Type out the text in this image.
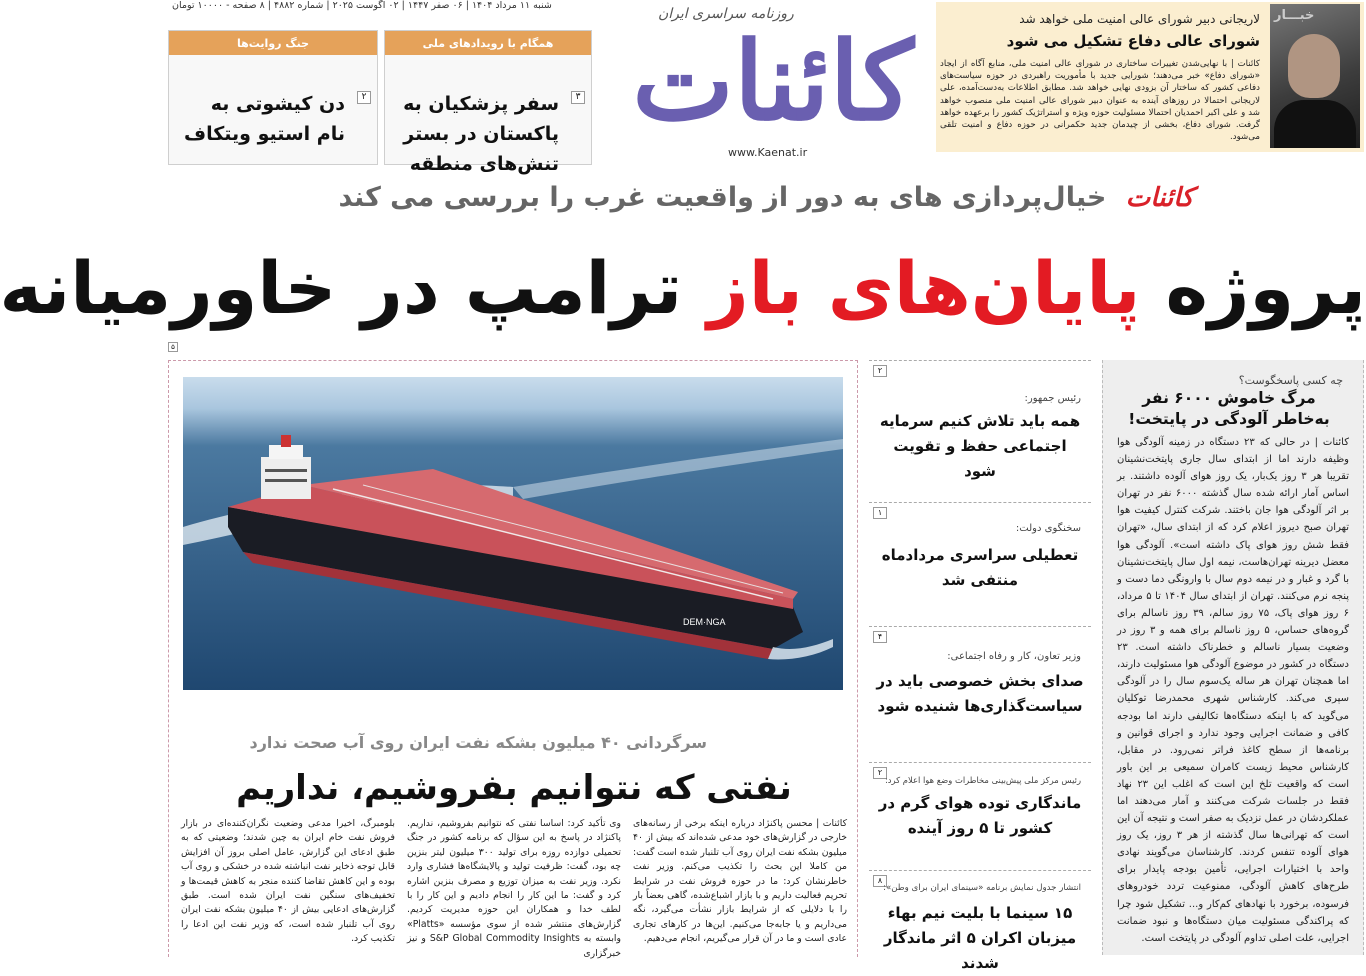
شنبه ۱۱ مرداد ۱۴۰۴ | ۰۶ صفر ۱۴۴۷ | ۰۲ آگوست ۲۰۲۵ | شماره ۴۸۸۲ | ۸ صفحه - ۱۰۰۰۰ تومان
جنگ روایت‌ها
۲
دن کیشوتی به نام استیو ویتکاف
همگام با رویدادهای ملی
۳
سفر پزشکیان به پاکستان در بستر تنش‌های منطقه
روزنامه سراسری ایران
کائنات
www.Kaenat.ir
خبـــار
لاریجانی دبیر شورای عالی امنیت ملی خواهد شد
شورای عالی دفاع تشکیل می شود
کائنات | با نهایی‌شدن تغییرات ساختاری در شورای عالی امنیت ملی، منابع آگاه از ایجاد «شورای دفاع» خبر می‌دهند؛ شورایی جدید با مأموریت راهبردی در حوزه سیاست‌های دفاعی کشور که ساختار آن بزودی نهایی خواهد شد. مطابق اطلاعات به‌دست‌آمده، علی لاریجانی احتمالا در روزهای آینده به عنوان دبیر شورای عالی امنیت ملی منصوب خواهد شد و علی اکبر احمدیان احتمالا مسئولیت حوزه ویژه و استراتژیک کشور را برعهده خواهد گرفت. شورای دفاع، بخشی از چیدمان جدید حکمرانی در حوزه دفاع و امنیت تلقی می‌شود.
کائنات خیال‌پردازی های به دور از واقعیت غرب را بررسی می کند
پروژه پایان‌های باز ترامپ در خاورمیانه
۵
چه کسی پاسخگوست؟
مرگ خاموش ۶۰۰۰ نفر به‌خاطر آلودگی در پایتخت!
کائنات | در حالی که ۲۳ دستگاه در زمینه آلودگی هوا وظیفه دارند اما از ابتدای سال جاری پایتخت‌نشینان تقریبا هر ۳ روز یک‌بار، یک روز هوای آلوده داشتند. بر اساس آمار ارائه شده سال گذشته ۶۰۰۰ نفر در تهران بر اثر آلودگی هوا جان باختند. شرکت کنترل کیفیت هوا تهران صبح دیروز اعلام کرد که از ابتدای سال، «تهران فقط شش روز هوای پاک داشته است». آلودگی هوا معضل دیرینه تهران‌هاست، نیمه اول سال پایتخت‌نشینان با گرد و غبار و در نیمه دوم سال با وارونگی دما دست و پنجه نرم می‌کنند. تهران از ابتدای سال ۱۴۰۴ تا ۵ مرداد، ۶ روز هوای پاک، ۷۵ روز سالم، ۳۹ روز ناسالم برای گروه‌های حساس، ۵ روز ناسالم برای همه و ۳ روز در وضعیت بسیار ناسالم و خطرناک داشته است. ۲۳ دستگاه در کشور در موضوع آلودگی هوا مسئولیت دارند، اما همچنان تهران هر ساله یک‌سوم سال را در آلودگی سپری می‌کند. کارشناس شهری محمدرضا توکلیان می‌گوید که با اینکه دستگاه‌ها تکالیفی دارند اما بودجه کافی و ضمانت اجرایی وجود ندارد و اجرای قوانین و برنامه‌ها از سطح کاغذ فراتر نمی‌رود. در مقابل، کارشناس محیط زیست کامران سمیعی بر این باور است که واقعیت تلخ این است که اغلب این ۲۳ نهاد فقط در جلسات شرکت می‌کنند و آمار می‌دهند اما عملکردشان در عمل نزدیک به صفر است و نتیجه آن این است که تهرانی‌ها سال گذشته از هر ۳ روز، یک روز هوای آلوده تنفس کردند. کارشناسان می‌گویند نهادی واحد با اختیارات اجرایی، تأمین بودجه پایدار برای طرح‌های کاهش آلودگی، ممنوعیت تردد خودروهای فرسوده، برخورد با نهادهای کم‌کار و... تشکیل شود چرا که پراکندگی مسئولیت میان دستگاه‌ها و نبود ضمانت اجرایی، علت اصلی تداوم آلودگی در پایتخت است.
۲
رئیس جمهور:
همه باید تلاش کنیم سرمایه اجتماعی حفظ و تقویت شود
۱
سخنگوی دولت:
تعطیلی سراسری مردادماه منتفی شد
۴
وزیر تعاون، کار و رفاه اجتماعی:
صدای بخش خصوصی باید در سیاست‌گذاری‌ها شنیده شود
۲
رئیس مرکز ملی پیش‌بینی مخاطرات وضع هوا اعلام کرد:
ماندگاری توده هوای گرم در کشور تا ۵ روز آینده
۸
انتشار جدول نمایش برنامه «سینمای ایران برای وطن»:
۱۵ سینما با بلیت نیم بهاء میزبان اکران ۵ اثر ماندگار شدند
DEM·NGA
سرگردانی ۴۰ میلیون بشکه نفت ایران روی آب صحت ندارد
نفتی که نتوانیم بفروشیم، نداریم
کائنات | محسن پاکنژاد درباره اینکه برخی از رسانه‌های خارجی در گزارش‌های خود مدعی شده‌اند که بیش از ۴۰ میلیون بشکه نفت ایران روی آب تلنبار شده است گفت: من کاملا این بحث را تکذیب می‌کنم. وزیر نفت خاطرنشان کرد: ما در حوزه فروش نفت در شرایط تحریم فعالیت داریم و با بازار اشباع‌شده، گاهی بعضاً بار را با دلایلی که از شرایط بازار نشأت می‌گیرد، نگه می‌داریم و یا جابه‌جا می‌کنیم. این‌ها در کارهای تجاری عادی است و ما در آن قرار می‌گیریم، انجام می‌دهیم.
وی تأکید کرد: اساسا نفتی که نتوانیم بفروشیم، نداریم. پاکنژاد در پاسخ به این سؤال که برنامه کشور در جنگ تحمیلی دوازده روزه برای تولید ۳۰۰ میلیون لیتر بنزین چه بود، گفت: ظرفیت تولید و پالایشگاه‌ها فشاری وارد نکرد. وزیر نفت به میزان توزیع و مصرف بنزین اشاره کرد و گفت: ما این کار را انجام دادیم و این کار را با لطف خدا و همکاران این حوزه مدیریت کردیم. گزارش‌های منتشر شده از سوی مؤسسه «Platts» وابسته به S&P Global Commodity Insights و نیز خبرگزاری
بلومبرگ، اخیرا مدعی وضعیت نگران‌کننده‌ای در بازار فروش نفت خام ایران به چین شدند؛ وضعیتی که به طبق ادعای این گزارش، عامل اصلی بروز آن افزایش قابل توجه ذخایر نفت انباشته شده در خشکی و روی آب بوده و این کاهش تقاضا کننده منجر به کاهش قیمت‌ها و تخفیف‌های سنگین نفت ایران شده است. طبق گزارش‌های ادعایی بیش از ۴۰ میلیون بشکه نفت ایران روی آب تلنبار شده است، که وزیر نفت این ادعا را تکذیب کرد.
